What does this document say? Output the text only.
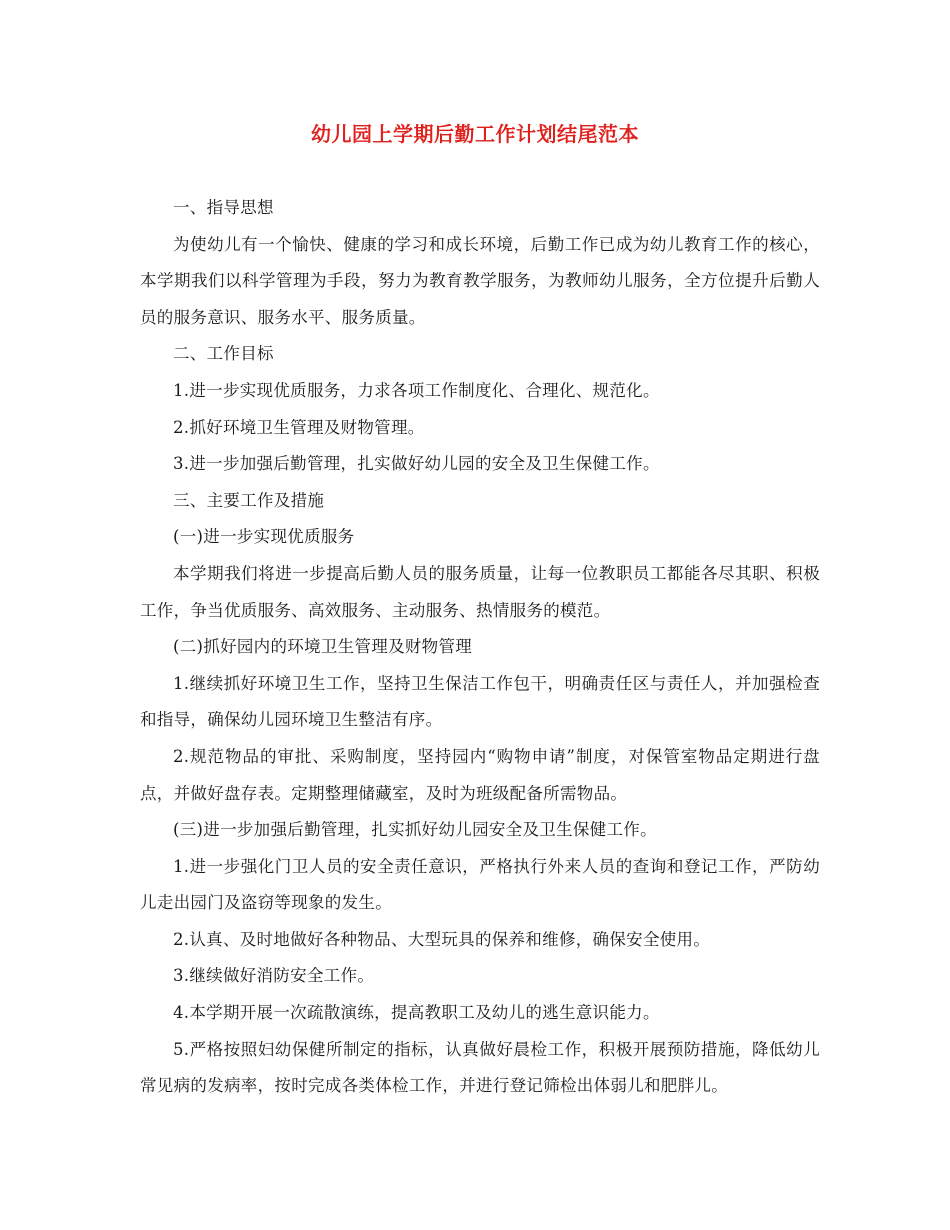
幼儿园上学期后勤工作计划结尾范本

一、指导思想

为使幼儿有一个愉快、健康的学习和成长环境，后勤工作已成为幼儿教育工作的核心，本学期我们以科学管理为手段，努力为教育教学服务，为教师幼儿服务，全方位提升后勤人员的服务意识、服务水平、服务质量。

二、工作目标

1.进一步实现优质服务，力求各项工作制度化、合理化、规范化。

2.抓好环境卫生管理及财物管理。

3.进一步加强后勤管理，扎实做好幼儿园的安全及卫生保健工作。

三、主要工作及措施

(一)进一步实现优质服务

本学期我们将进一步提高后勤人员的服务质量，让每一位教职员工都能各尽其职、积极工作，争当优质服务、高效服务、主动服务、热情服务的模范。

(二)抓好园内的环境卫生管理及财物管理

1.继续抓好环境卫生工作，坚持卫生保洁工作包干，明确责任区与责任人，并加强检查和指导，确保幼儿园环境卫生整洁有序。

2.规范物品的审批、采购制度，坚持园内“购物申请”制度，对保管室物品定期进行盘点，并做好盘存表。定期整理储藏室，及时为班级配备所需物品。

(三)进一步加强后勤管理，扎实抓好幼儿园安全及卫生保健工作。

1.进一步强化门卫人员的安全责任意识，严格执行外来人员的查询和登记工作，严防幼儿走出园门及盗窃等现象的发生。

2.认真、及时地做好各种物品、大型玩具的保养和维修，确保安全使用。

3.继续做好消防安全工作。

4.本学期开展一次疏散演练，提高教职工及幼儿的逃生意识能力。

5.严格按照妇幼保健所制定的指标，认真做好晨检工作，积极开展预防措施，降低幼儿常见病的发病率，按时完成各类体检工作，并进行登记筛检出体弱儿和肥胖儿。
